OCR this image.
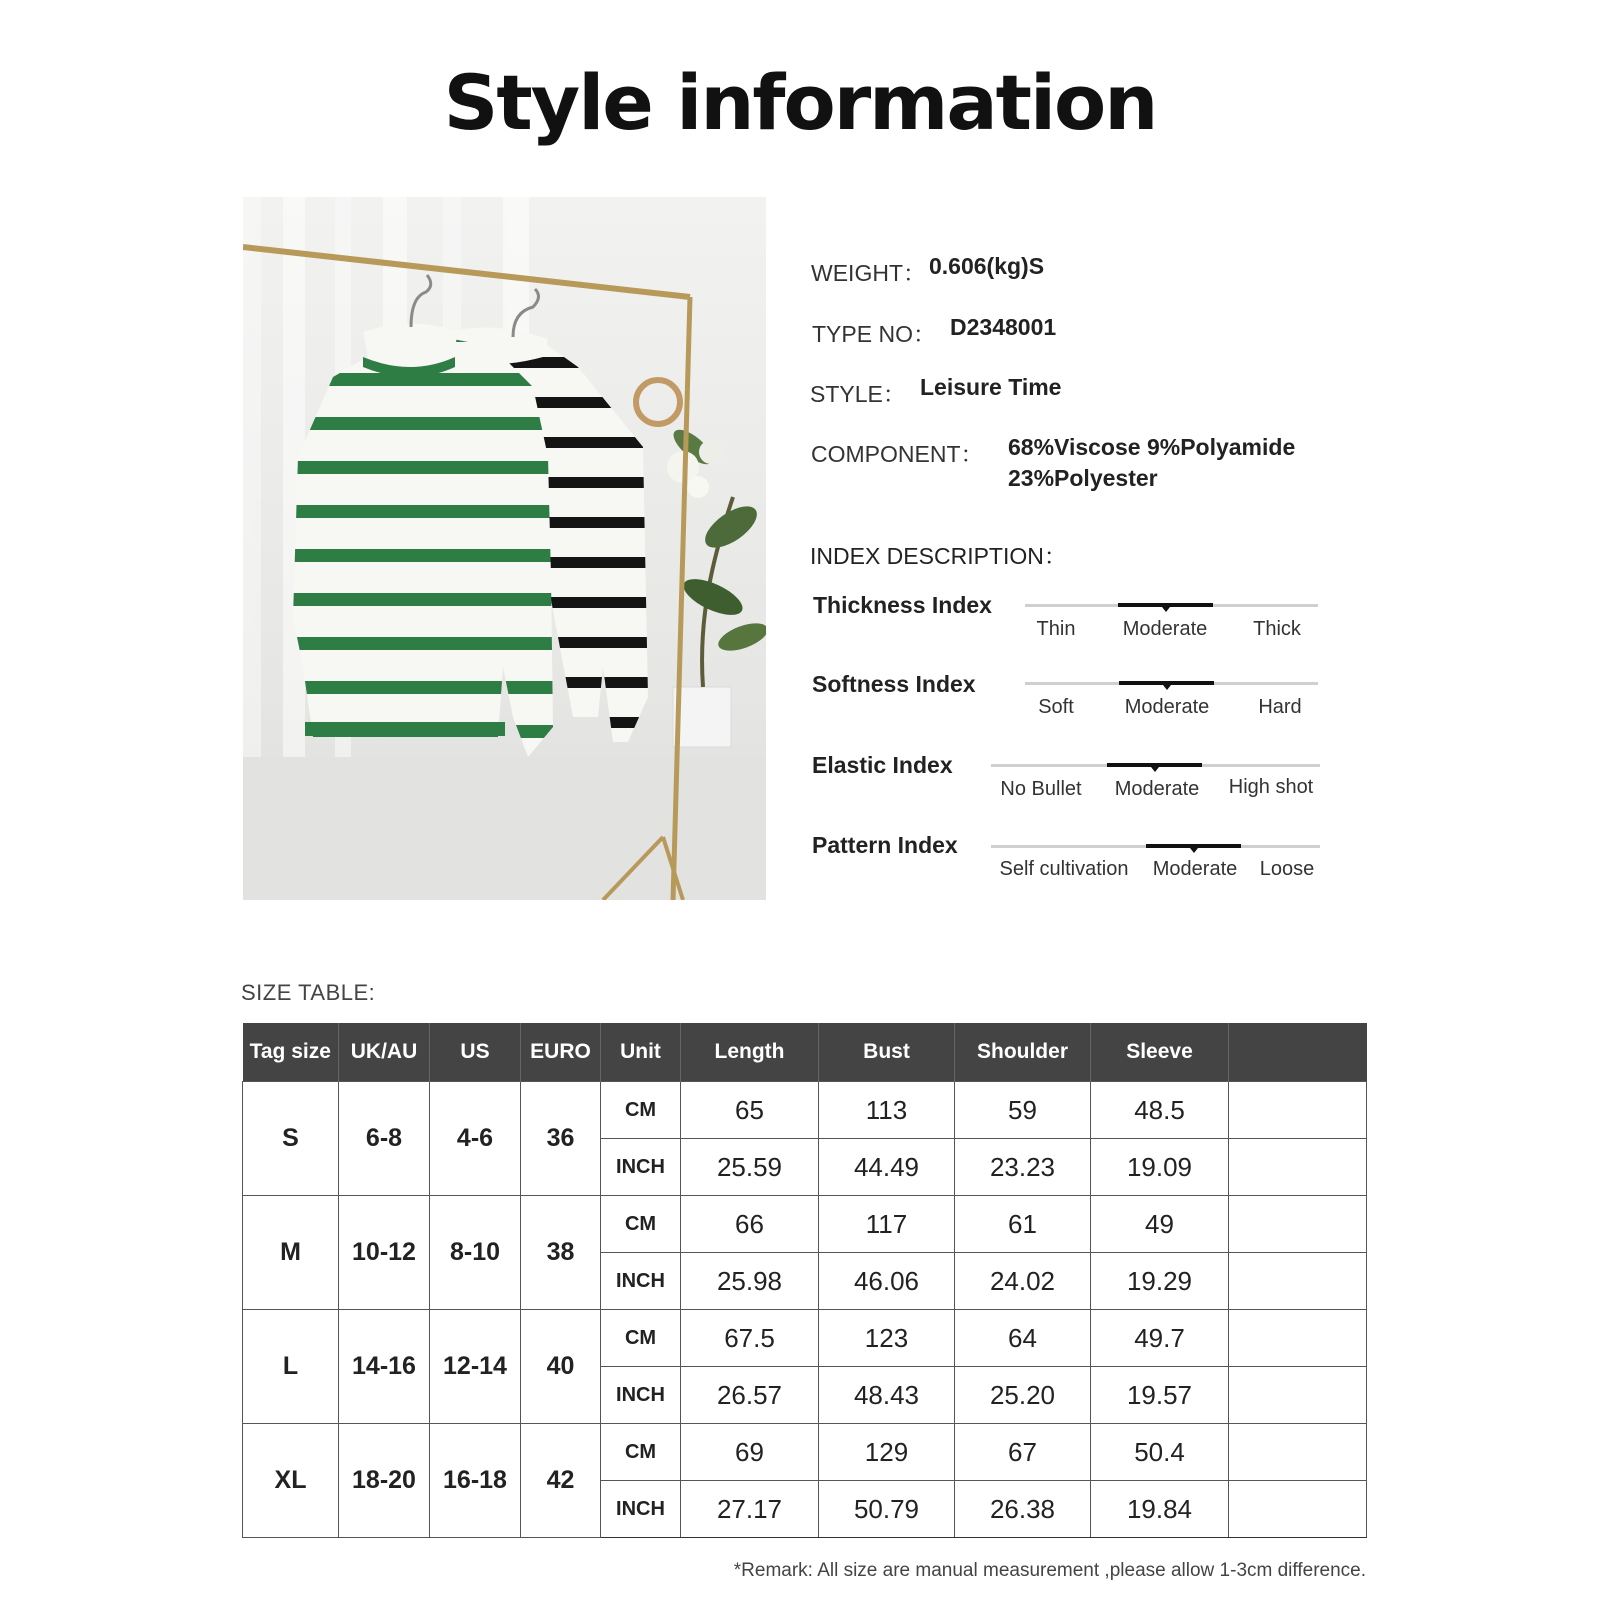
Style information
WEIGHT： 0.606(kg)S
TYPE NO： D2348001
STYLE： Leisure Time
COMPONENT： 68%Viscose 9%Polyamide
23%Polyester
INDEX DESCRIPTION：
Thickness Index
Thin Moderate Thick
Softness Index
Soft	Moderate Hard
Elastic Index
No Bullet Moderate High shot
Pattern Index
Self cultivation Moderate Loose
SIZE TABLE:
Tag size	UK/AU	US	EURO	Unit	Length	Bust	Shoulder	Sleeve	
S	6-8	4-6	36	CM	65	113	59	48.5	
				INCH	25.59	44.49	23.23	19.09	
M	10-12	8-10	38	CM	66	117	61	49	
				INCH	25.98	46.06	24.02	19.29	
L	14-16	12-14	40	CM	67.5	123	64	49.7	
				INCH	26.57	48.43	25.20	19.57	
XL	18-20	16-18	42	CM	69	129	67	50.4	
				INCH	27.17	50.79	26.38	19.84	
*Remark: All size are manual measurement ,please allow 1-3cm difference.
